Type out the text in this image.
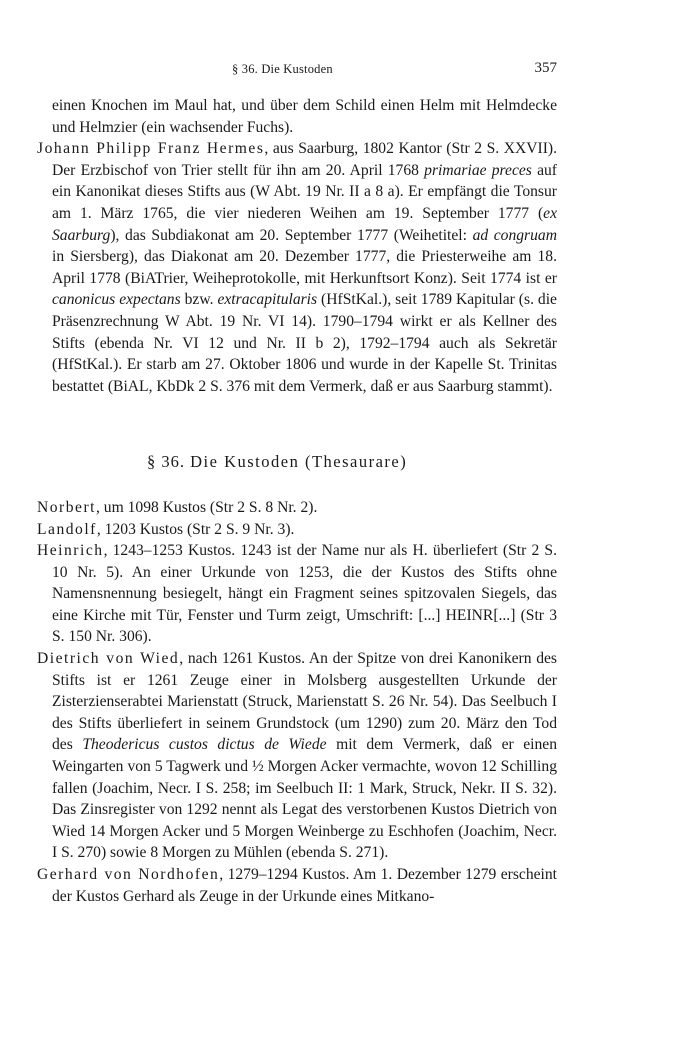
§ 36. Die Kustoden	357

einen Knochen im Maul hat, und über dem Schild einen Helm mit Helmdecke und Helmzier (ein wachsender Fuchs).

Johann Philipp Franz Hermes, aus Saarburg, 1802 Kantor (Str 2 S. XXVII). Der Erzbischof von Trier stellt für ihn am 20. April 1768 primariae preces auf ein Kanonikat dieses Stifts aus (W Abt. 19 Nr. II a 8 a). Er empfängt die Tonsur am 1. März 1765, die vier niederen Weihen am 19. September 1777 (ex Saarburg), das Subdiakonat am 20. September 1777 (Weihetitel: ad congruam in Siersberg), das Diakonat am 20. Dezember 1777, die Priesterweihe am 18. April 1778 (BiATrier, Weiheprotokolle, mit Herkunftsort Konz). Seit 1774 ist er canonicus expectans bzw. extracapitularis (HfStKal.), seit 1789 Kapitular (s. die Präsenzrechnung W Abt. 19 Nr. VI 14). 1790–1794 wirkt er als Kellner des Stifts (ebenda Nr. VI 12 und Nr. II b 2), 1792–1794 auch als Sekretär (HfStKal.). Er starb am 27. Oktober 1806 und wurde in der Kapelle St. Trinitas bestattet (BiAL, KbDk 2 S. 376 mit dem Vermerk, daß er aus Saarburg stammt).

§ 36. Die Kustoden (Thesaurare)

Norbert, um 1098 Kustos (Str 2 S. 8 Nr. 2).

Landolf, 1203 Kustos (Str 2 S. 9 Nr. 3).

Heinrich, 1243–1253 Kustos. 1243 ist der Name nur als H. überliefert (Str 2 S. 10 Nr. 5). An einer Urkunde von 1253, die der Kustos des Stifts ohne Namensnennung besiegelt, hängt ein Fragment seines spitzovalen Siegels, das eine Kirche mit Tür, Fenster und Turm zeigt, Umschrift: [...] HEINR[...] (Str 3 S. 150 Nr. 306).

Dietrich von Wied, nach 1261 Kustos. An der Spitze von drei Kanonikern des Stifts ist er 1261 Zeuge einer in Molsberg ausgestellten Urkunde der Zisterzienserabtei Marienstatt (Struck, Marienstatt S. 26 Nr. 54). Das Seelbuch I des Stifts überliefert in seinem Grundstock (um 1290) zum 20. März den Tod des Theodericus custos dictus de Wiede mit dem Vermerk, daß er einen Weingarten von 5 Tagwerk und ½ Morgen Acker vermachte, wovon 12 Schilling fallen (Joachim, Necr. I S. 258; im Seelbuch II: 1 Mark, Struck, Nekr. II S. 32). Das Zinsregister von 1292 nennt als Legat des verstorbenen Kustos Dietrich von Wied 14 Morgen Acker und 5 Morgen Weinberge zu Eschhofen (Joachim, Necr. I S. 270) sowie 8 Morgen zu Mühlen (ebenda S. 271).

Gerhard von Nordhofen, 1279–1294 Kustos. Am 1. Dezember 1279 erscheint der Kustos Gerhard als Zeuge in der Urkunde eines Mitkano-
